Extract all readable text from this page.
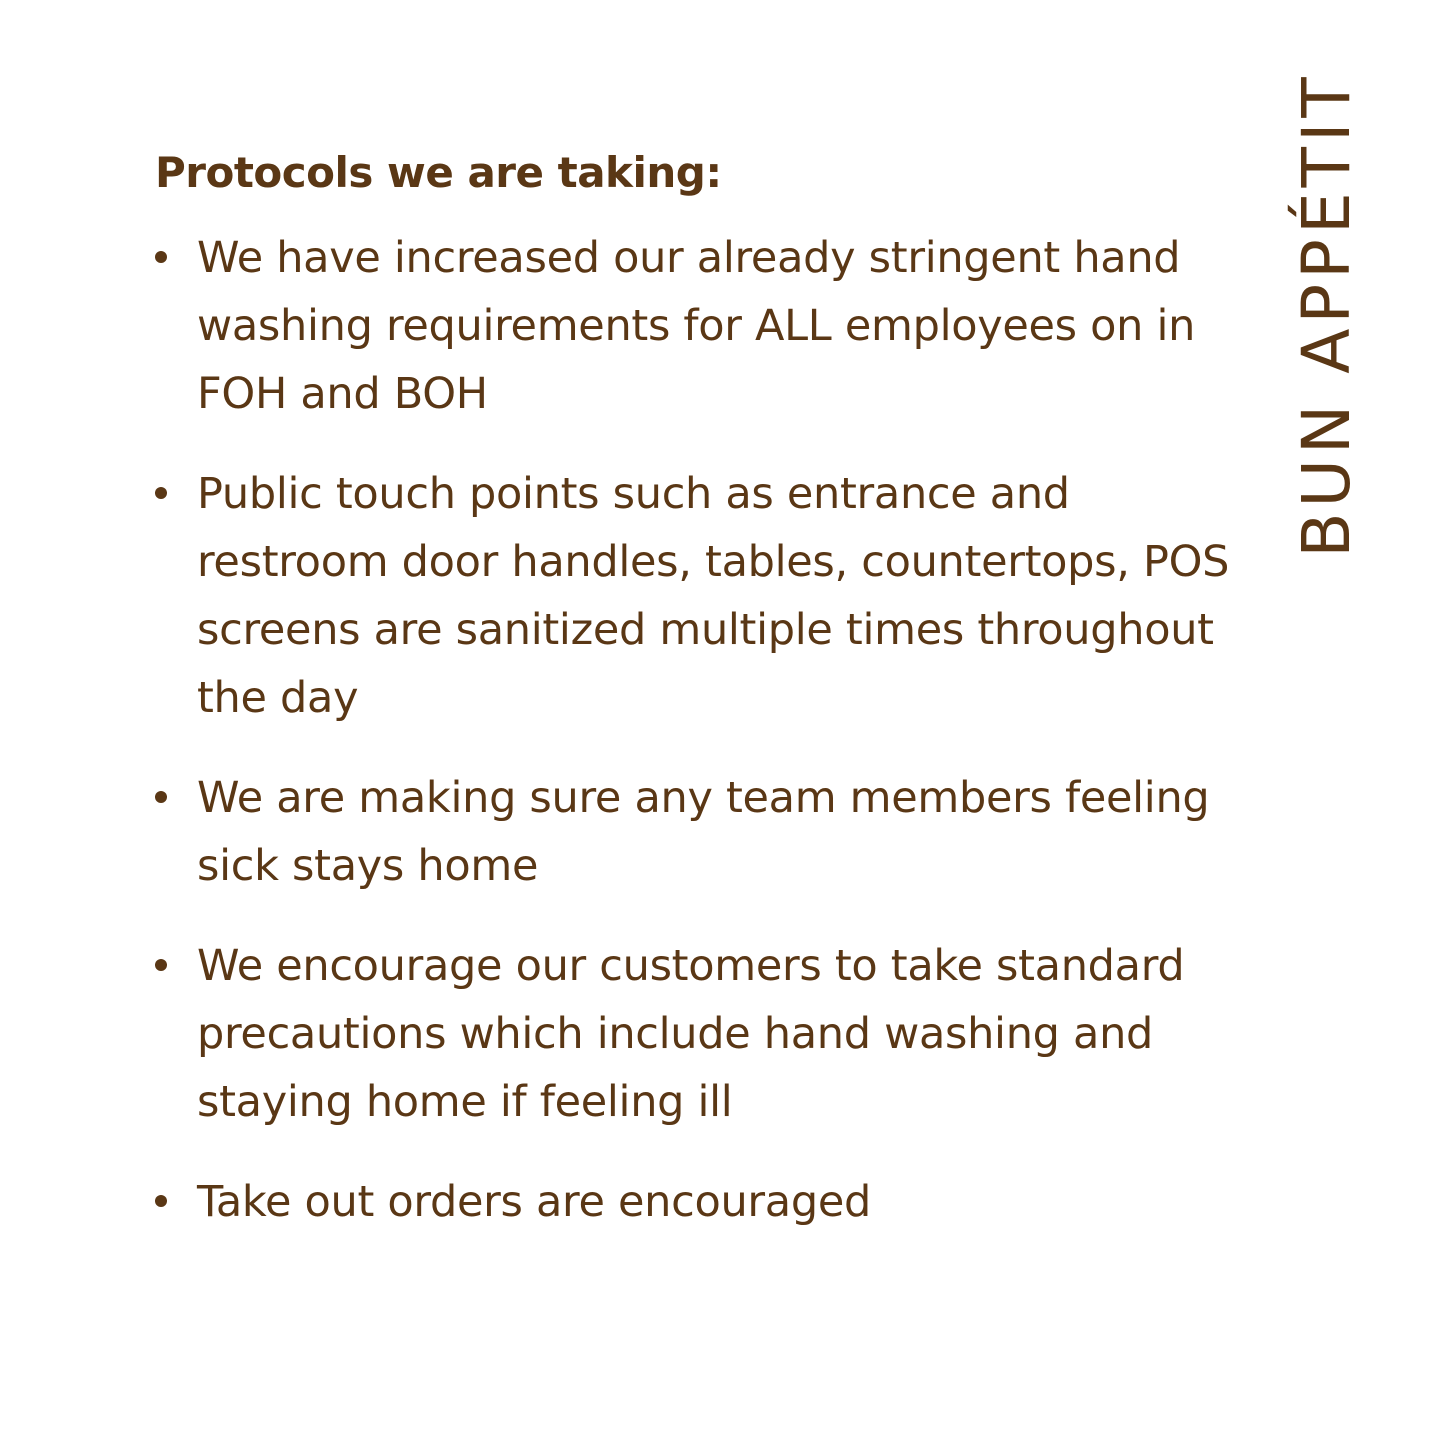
Protocols we are taking:
We have increased our already stringent hand washing requirements for ALL employees on in FOH and BOH
Public touch points such as entrance and restroom door handles, tables, countertops, POS screens are sanitized multiple times throughout the day
We are making sure any team members feeling sick stays home
We encourage our customers to take standard precautions which include hand washing and staying home if feeling ill
Take out orders are encouraged
BUN APPÉTIT
